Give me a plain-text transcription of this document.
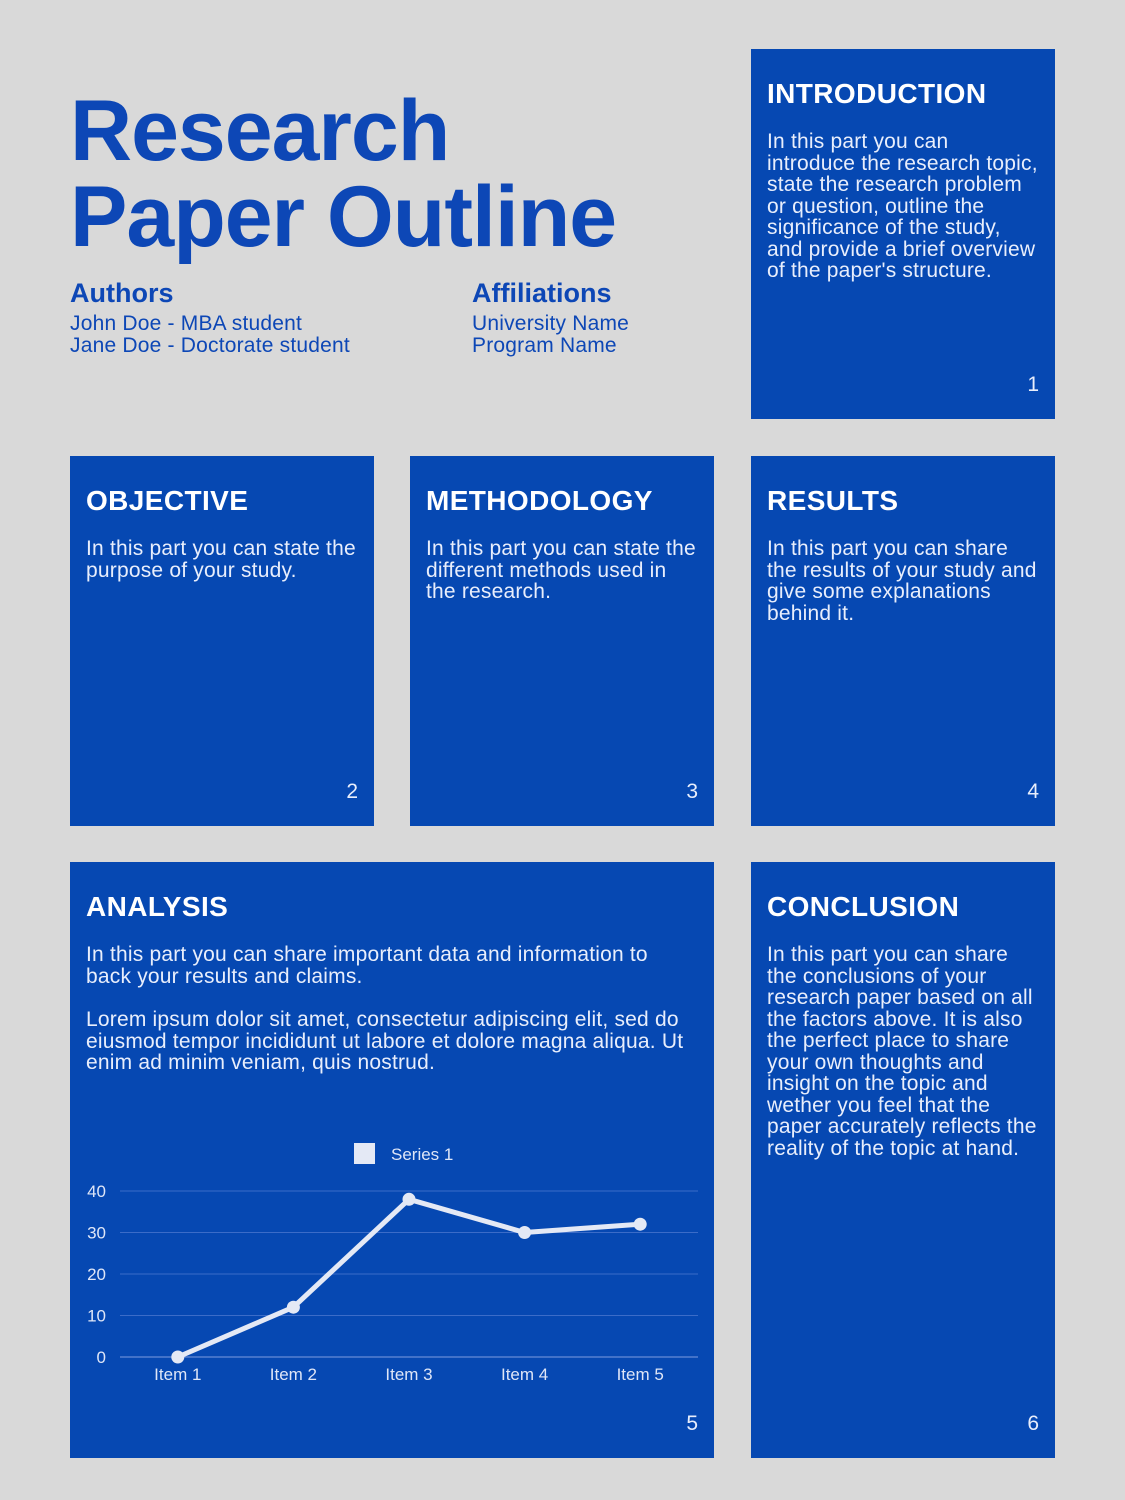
Research
Paper Outline
Authors
John Doe - MBA student
Jane Doe - Doctorate student
Affiliations
University Name
Program Name
INTRODUCTION

In this part you can introduce the research topic, state the research problem or question, outline the significance of the study, and provide a brief overview of the paper's structure.

1
OBJECTIVE

In this part you can state the purpose of your study.

2
METHODOLOGY

In this part you can state the different methods used in the research.

3
RESULTS

In this part you can share the results of your study and give some explanations behind it.

4
ANALYSIS

In this part you can share important data and information to back your results and claims.

Lorem ipsum dolor sit amet, consectetur adipiscing elit, sed do eiusmod tempor incididunt ut labore et dolore magna aliqua. Ut enim ad minim veniam, quis nostrud.

0
10
20
30
40
Item 1	Item 2	Item 3	Item 4	Item 5
Series 1
5
CONCLUSION

In this part you can share the conclusions of your research paper based on all the factors above. It is also the perfect place to share your own thoughts and insight on the topic and wether you feel that the paper accurately reflects the reality of the topic at hand.

6
